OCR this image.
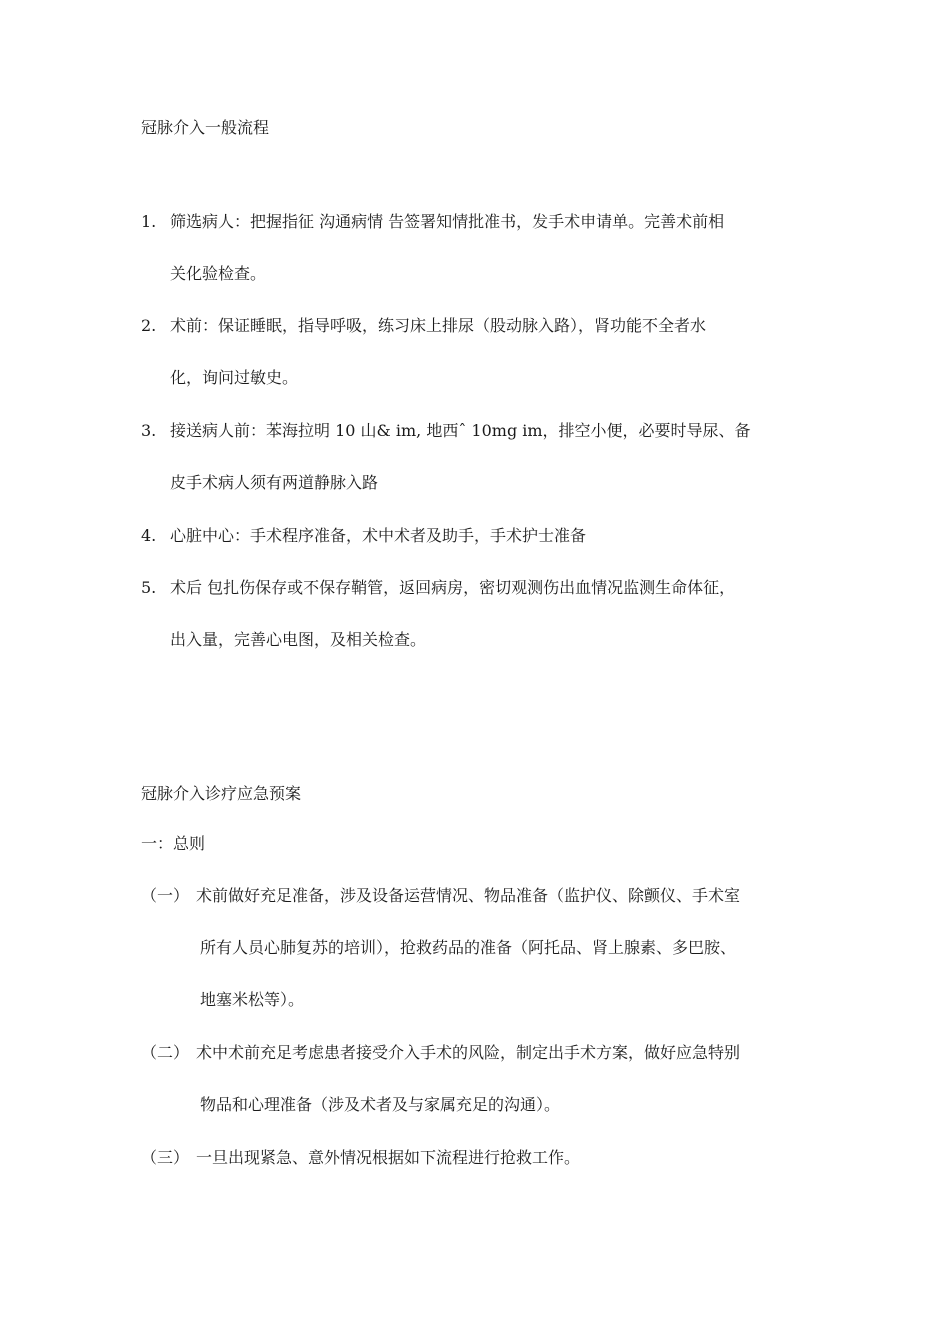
冠脉介入一般流程
1. 筛选病人：把握指征 沟通病情 告签署知情批准书，发手术申请单。完善术前相
关化验检查。
2. 术前：保证睡眠，指导呼吸，练习床上排尿（股动脉入路），肾功能不全者水
化，询问过敏史。
3. 接送病人前：苯海拉明 10 山& im, 地西ˆ 10mg im，排空小便，必要时导尿、备
皮手术病人须有两道静脉入路
4. 心脏中心：手术程序准备，术中术者及助手，手术护士准备
5. 术后 包扎伤保存或不保存鞘管，返回病房，密切观测伤出血情况监测生命体征，
出入量，完善心电图，及相关检查。
冠脉介入诊疗应急预案
一：总则
（一） 术前做好充足准备，涉及设备运营情况、物品准备（监护仪、除颤仪、手术室
所有人员心肺复苏的培训），抢救药品的准备（阿托品、肾上腺素、多巴胺、
地塞米松等）。
（二） 术中术前充足考虑患者接受介入手术的风险，制定出手术方案，做好应急特别
物品和心理准备（涉及术者及与家属充足的沟通）。
（三） 一旦出现紧急、意外情况根据如下流程进行抢救工作。
